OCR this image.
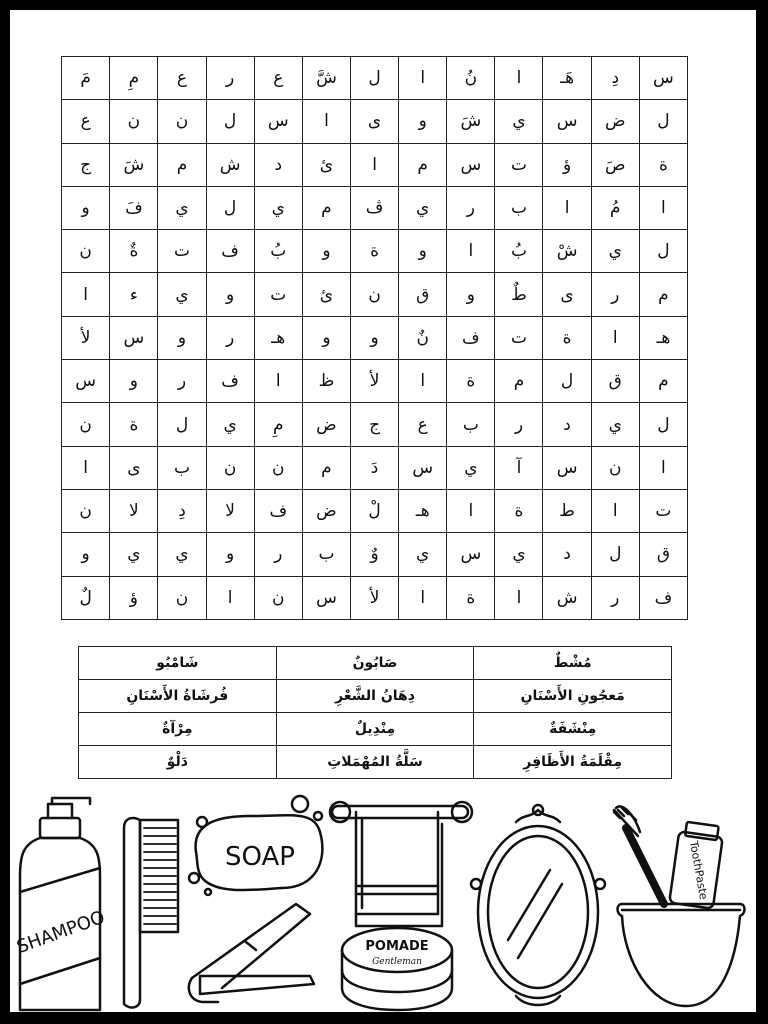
س	دِ	هَـ	ا	نُ	ا	ل	شَّ	ع	ر	ع	مِ	مَ
ل	ض	س	ي	شَ	و	ى	ا	س	ل	ن	ن	ع
ة	صَ	ؤ	ت	س	م	ا	ئ	د	ش	م	شَ	ج
ا	مُ	ا	ب	ر	ي	ڤ	م	ي	ل	ي	فَ	و
ل	ي	شْ	بُ	ا	و	ة	و	بُ	ف	ت	ةٌ	ن
م	ر	ى	طٌ	و	ق	ن	ئ	ت	و	ي	ء	ا
هـ	ا	ة	ت	ف	نٌ	و	و	هـ	ر	و	س	لأ
م	ق	ل	م	ة	ا	لأ	ظ	ا	ف	ر	و	س
ل	ي	د	ر	ب	ع	ج	ض	مِ	ي	ل	ة	ن
ا	ن	س	آ	ي	س	دَ	م	ن	ن	ب	ى	ا
ت	ا	ط	ة	ا	هـ	لْ	ض	ف	لا	دِ	لا	ن
ق	ل	د	ي	س	ي	وٌ	ب	ر	و	ي	ي	و
ف	ر	ش	ا	ة	ا	لأ	س	ن	ا	ن	ؤ	لٌ
مُشْطٌ	صَابُونٌ	شَامْبُو
مَعجُونِ الأَسْنَانِ	دِهَانُ الشَّعْرِ	فُرشَاةُ الأَسْنَانِ
مِنْشَفَةٌ	مِنْدِيلٌ	مِرْآةٌ
مِقْلَمَةُ الأَظَافِرِ	سَلَّةُ المُهْمَلاتِ	دَلْوٌ
SHAMPOO
SOAP
POMADE
Gentleman
ToothPaste
